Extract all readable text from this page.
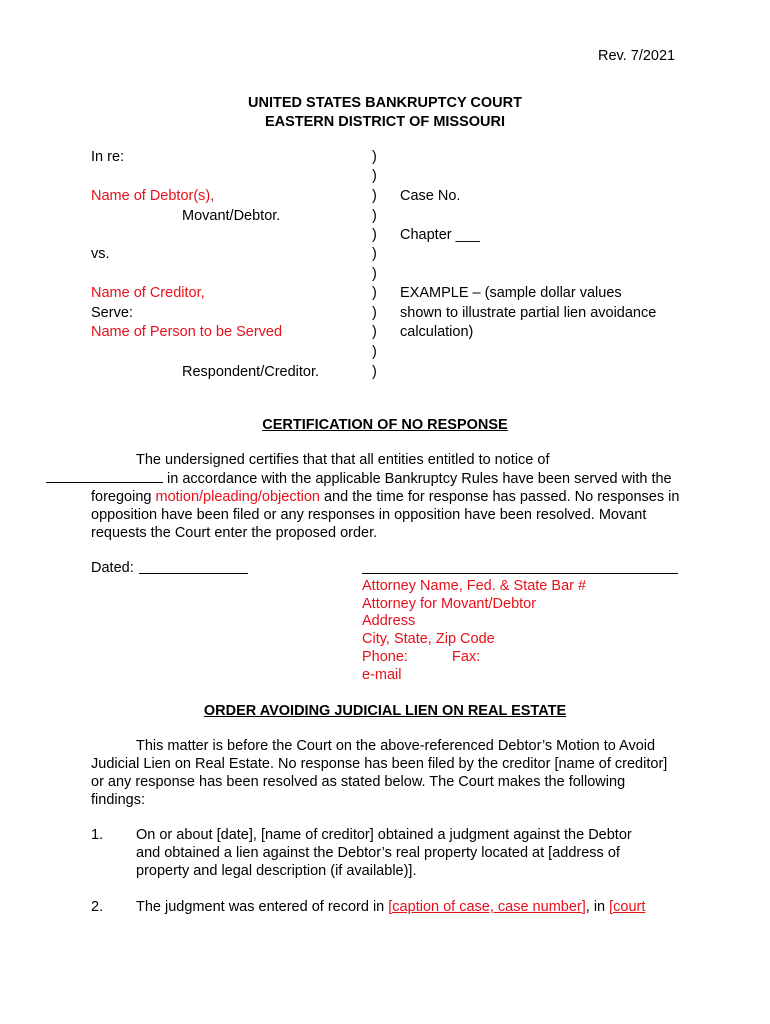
Rev. 7/2021
UNITED STATES BANKRUPTCY COURT
EASTERN DISTRICT OF MISSOURI
In re:
Name of Debtor(s),
Movant/Debtor.
vs.
Name of Creditor,
Serve:
Name of Person to be Served
Respondent/Creditor.
)
)
)
)
)
)
)
)
)
)
)
)
Case No.
Chapter ___
EXAMPLE – (sample dollar values
shown to illustrate partial lien avoidance
calculation)
CERTIFICATION OF NO RESPONSE
The undersigned certifies that that all entities entitled to notice of
in accordance with the applicable Bankruptcy Rules have been served with the foregoing motion/pleading/objection and the time for response has passed. No responses in opposition have been filed or any responses in opposition have been resolved. Movant requests the Court enter the proposed order.
Dated:
Attorney Name, Fed. & State Bar #
Attorney for Movant/Debtor
Address
City, State, Zip Code
Phone:	Fax:
e-mail
ORDER AVOIDING JUDICIAL LIEN ON REAL ESTATE
This matter is before the Court on the above-referenced Debtor’s Motion to Avoid Judicial Lien on Real Estate. No response has been filed by the creditor [name of creditor] or any response has been resolved as stated below. The Court makes the following findings:
1. On or about [date], [name of creditor] obtained a judgment against the Debtor and obtained a lien against the Debtor’s real property located at [address of property and legal description (if available)].
2. The judgment was entered of record in [caption of case, case number], in [court
